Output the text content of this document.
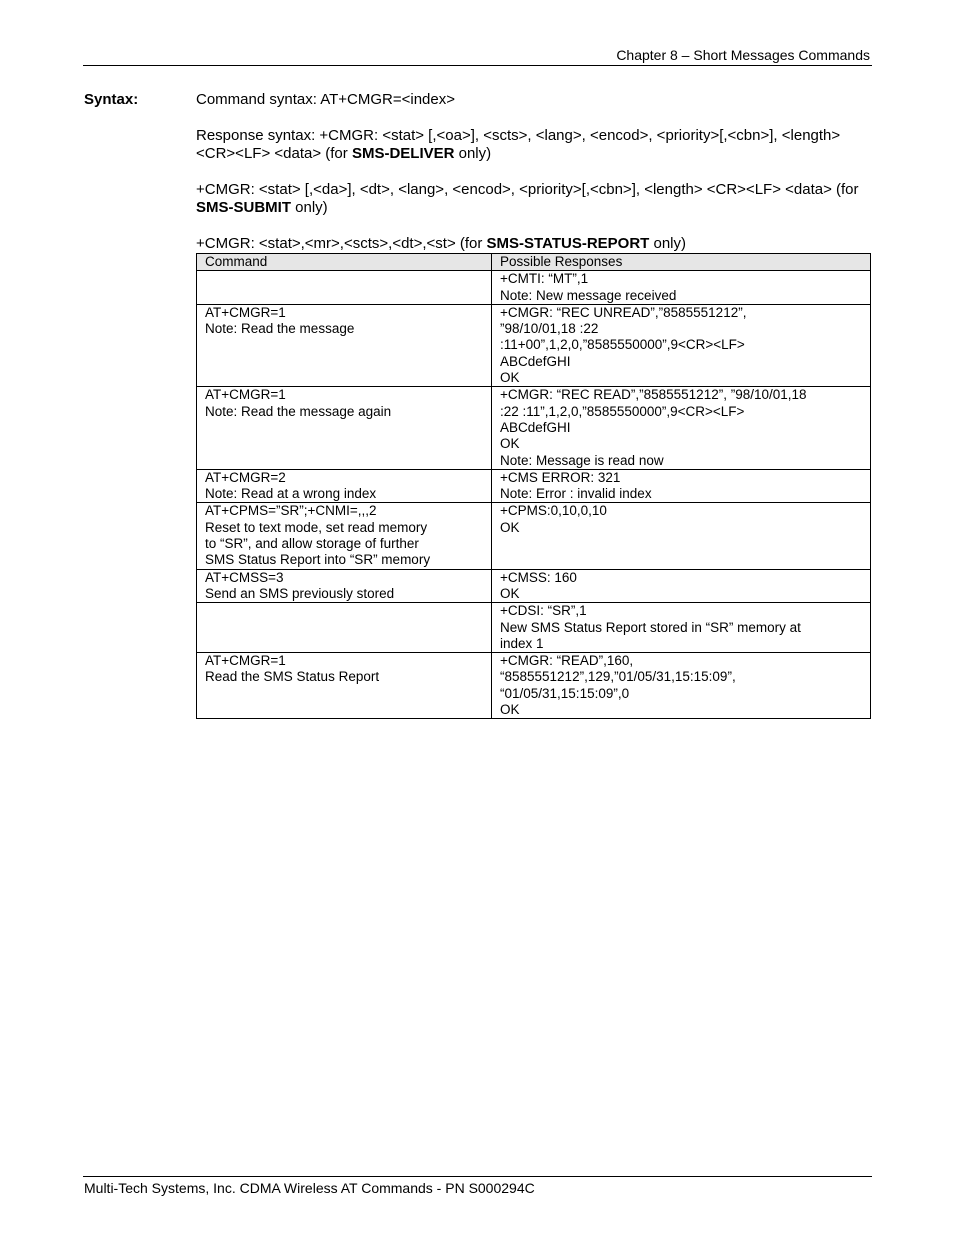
Chapter 8 – Short Messages Commands
Syntax:	Command syntax: AT+CMGR=<index>

Response syntax: +CMGR: <stat> [,<oa>], <scts>, <lang>, <encod>, <priority>[,<cbn>], <length> <CR><LF> <data> (for SMS-DELIVER only)

+CMGR: <stat> [,<da>], <dt>, <lang>, <encod>, <priority>[,<cbn>], <length> <CR><LF> <data> (for SMS-SUBMIT only)

+CMGR: <stat>,<mr>,<scts>,<dt>,<st> (for SMS-STATUS-REPORT only)

Command	Possible Responses

	+CMTI: “MT”,1
Note: New message received

AT+CMGR=1
Note: Read the message	+CMGR: “REC UNREAD”,”8585551212”,
”98/10/01,18 :22
:11+00”,1,2,0,”8585550000”,9<CR><LF>
ABCdefGHI
OK

AT+CMGR=1
Note: Read the message again	+CMGR: “REC READ”,”8585551212”, ”98/10/01,18
:22 :11”,1,2,0,”8585550000”,9<CR><LF>
ABCdefGHI
OK
Note: Message is read now

AT+CMGR=2
Note: Read at a wrong index	+CMS ERROR: 321
Note: Error : invalid index

AT+CPMS=”SR”;+CNMI=,,,2
Reset to text mode, set read memory
to “SR”, and allow storage of further
SMS Status Report into “SR” memory	+CPMS:0,10,0,10
OK

AT+CMSS=3
Send an SMS previously stored	+CMSS: 160
OK

	+CDSI: “SR”,1
New SMS Status Report stored in “SR” memory at
index 1

AT+CMGR=1
Read the SMS Status Report	+CMGR: “READ”,160,
“8585551212”,129,”01/05/31,15:15:09”,
“01/05/31,15:15:09”,0
OK
Multi-Tech Systems, Inc. CDMA Wireless AT Commands - PN S000294C
